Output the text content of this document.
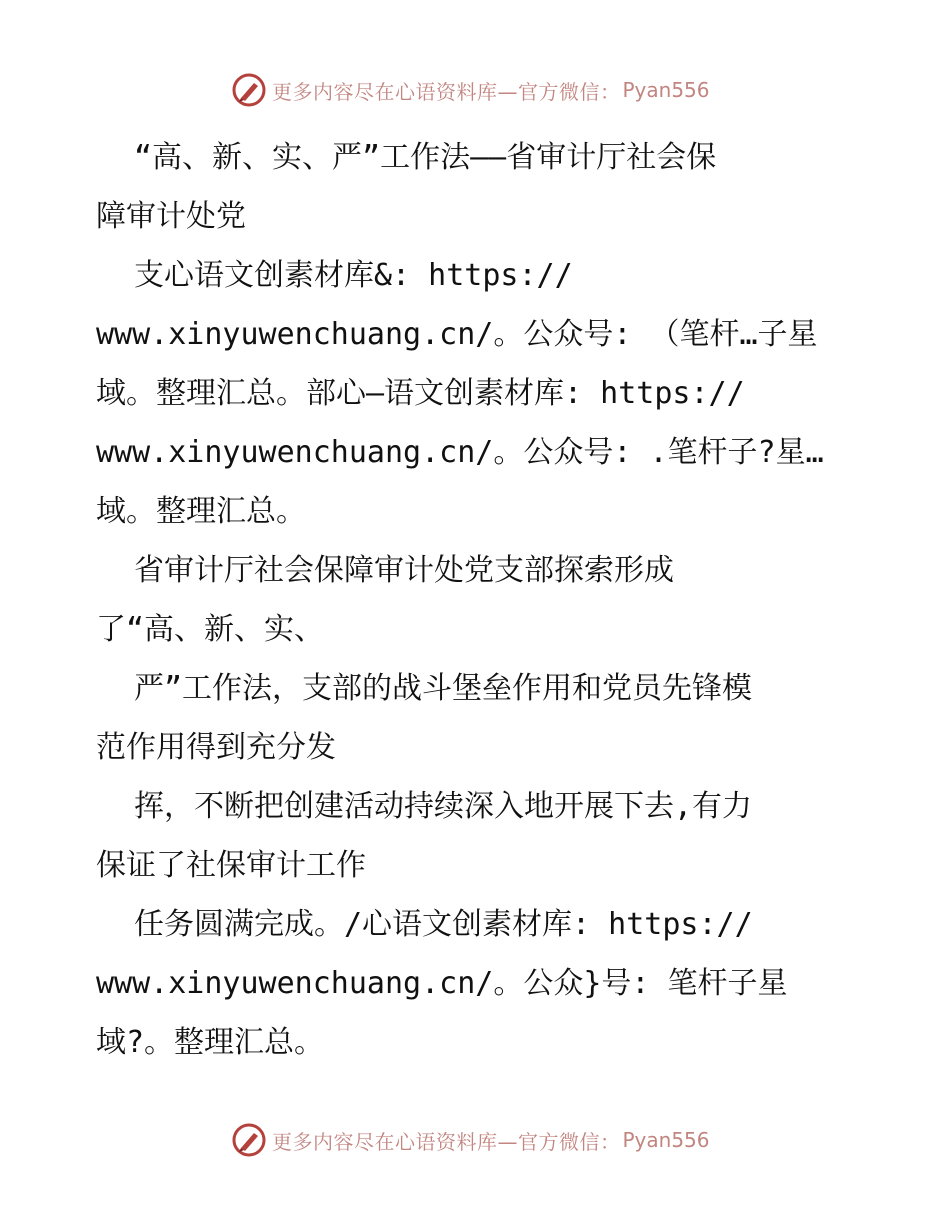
更多内容尽在心语资料库—官方微信： Pyan556
“高、新、实、严”工作法——省审计厅社会保
障审计处党
支心语文创素材库&: https://
www.xinyuwenchuang.cn/。公众号: （笔杆…子星
域。整理汇总。部心—语文创素材库: https://
www.xinyuwenchuang.cn/。公众号: .笔杆子?星…
域。整理汇总。
省审计厅社会保障审计处党支部探索形成
了“高、新、实、
严”工作法，支部的战斗堡垒作用和党员先锋模
范作用得到充分发
挥，不断把创建活动持续深入地开展下去,有力
保证了社保审计工作
任务圆满完成。/心语文创素材库: https://
www.xinyuwenchuang.cn/。公众}号: 笔杆子星
域?。整理汇总。
更多内容尽在心语资料库—官方微信： Pyan556
